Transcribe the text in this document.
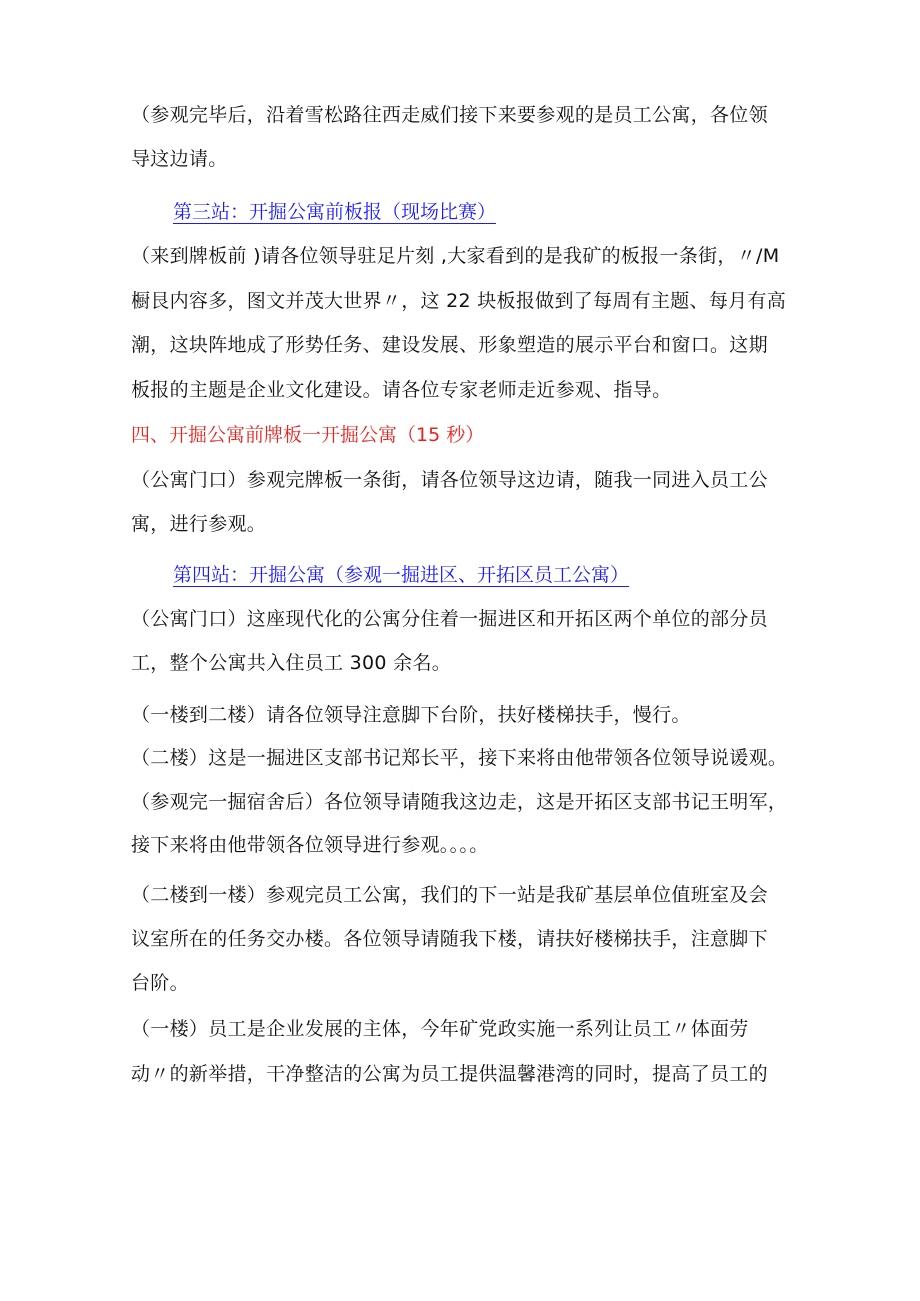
（参观完毕后，沿着雪松路往西走威们接下来要参观的是员工公寓，各位领
导这边请。
第三站：开掘公寓前板报（现场比赛）
（来到牌板前 )请各位领导驻足片刻 ,大家看到的是我矿的板报一条街，〃/M
橱艮内容多，图文并茂大世界〃，这 22 块板报做到了每周有主题、每月有高
潮，这块阵地成了形势任务、建设发展、形象塑造的展示平台和窗口。这期
板报的主题是企业文化建设。请各位专家老师走近参观、指导。
四、开掘公寓前牌板一开掘公寓（15 秒）
（公寓门口）参观完牌板一条街，请各位领导这边请，随我一同进入员工公
寓，进行参观。
第四站：开掘公寓（参观一掘进区、开拓区员工公寓）
（公寓门口）这座现代化的公寓分住着一掘进区和开拓区两个单位的部分员
工，整个公寓共入住员工 300 余名。
（一楼到二楼）请各位领导注意脚下台阶，扶好楼梯扶手，慢行。
（二楼）这是一掘进区支部书记郑长平，接下来将由他带领各位领导说谖观。
（参观完一掘宿舍后）各位领导请随我这边走，这是开拓区支部书记王明军，
接下来将由他带领各位领导进行参观。。。。
（二楼到一楼）参观完员工公寓，我们的下一站是我矿基层单位值班室及会
议室所在的任务交办楼。各位领导请随我下楼，请扶好楼梯扶手，注意脚下
台阶。
（一楼）员工是企业发展的主体，今年矿党政实施一系列让员工〃体面劳
动〃的新举措，干净整洁的公寓为员工提供温馨港湾的同时，提高了员工的
